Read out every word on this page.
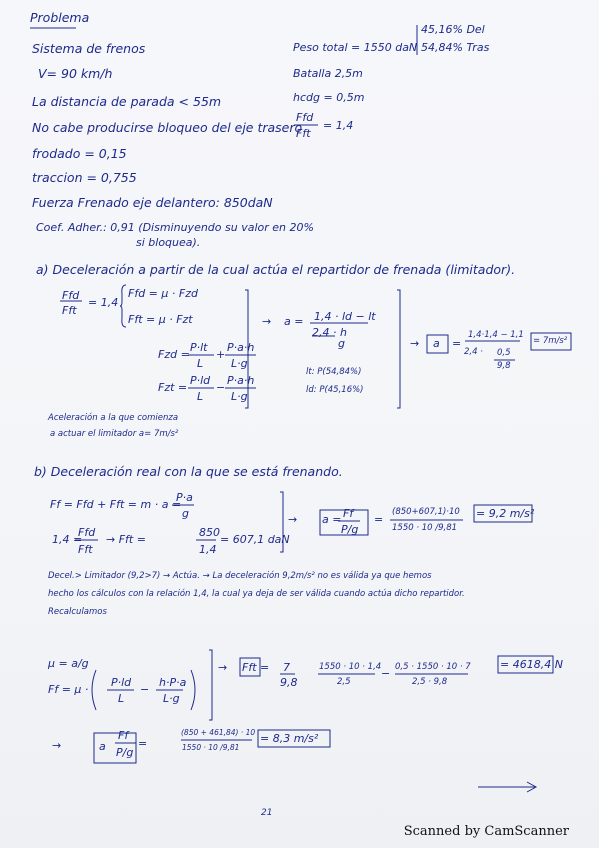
Problema
Sistema de frenos
V= 90 km/h
La distancia de parada < 55m
No cabe producirse bloqueo del eje trasero
frodado = 0,15
traccion = 0,755
Fuerza Frenado eje delantero: 850daN
Coef. Adher.: 0,91 (Disminuyendo su valor en 20%
si bloquea).
Peso total = 1550 daN
45,16% Del
54,84% Tras
Batalla 2,5m
hcdg = 0,5m
Ffd
Fft
= 1,4
a) Deceleración a partir de la cual actúa el repartidor de frenada (limitador).
Ffd
Fft
= 1,4
Ffd = μ · Fzd
Fft = μ · Fzt
Fzd =
P·lt
L
+
P·a·h
L·g
Fzt =
P·ld
L
−
P·a·h
L·g
→ a = 1,4 · ld − lt
2,4 · h
g
lt: P(54,84%)
ld: P(45,16%)
→ a =
1,4·1,4 − 1,1
2,4 · 0,5
9,8
= 7m/s²
Aceleración a la que comienza
a actuar el limitador a= 7m/s²
b) Deceleración real con la que se está frenando.
Ff = Ffd + Fft = m · a =
P·a
g
1,4 =
Ffd
Fft
→ Fft =
850
1,4
= 607,1 daN
→ a = Ff
P/g
=
(850+607,1)·10
1550 · 10 /9,81
= 9,2 m/s²
Decel.> Limitador (9,2>7) → Actúa. → La deceleración 9,2m/s² no es válida ya que hemos
hecho los cálculos con la relación 1,4, la cual ya deja de ser válida cuando actúa dicho repartidor.
Recalculamos
μ = a/g
Ff = μ ·
P·ld
L
−
h·P·a
L·g
→ Fft = 7
9,8
1550 · 10 · 1,4
2,5
− 0,5 · 1550 · 10 · 7
2,5 · 9,8
= 4618,4 N
→	a	=
Ff
P/g
(850 + 461,84) · 10
1550 · 10 /9,81
= 8,3 m/s²
21
Scanned by CamScanner
